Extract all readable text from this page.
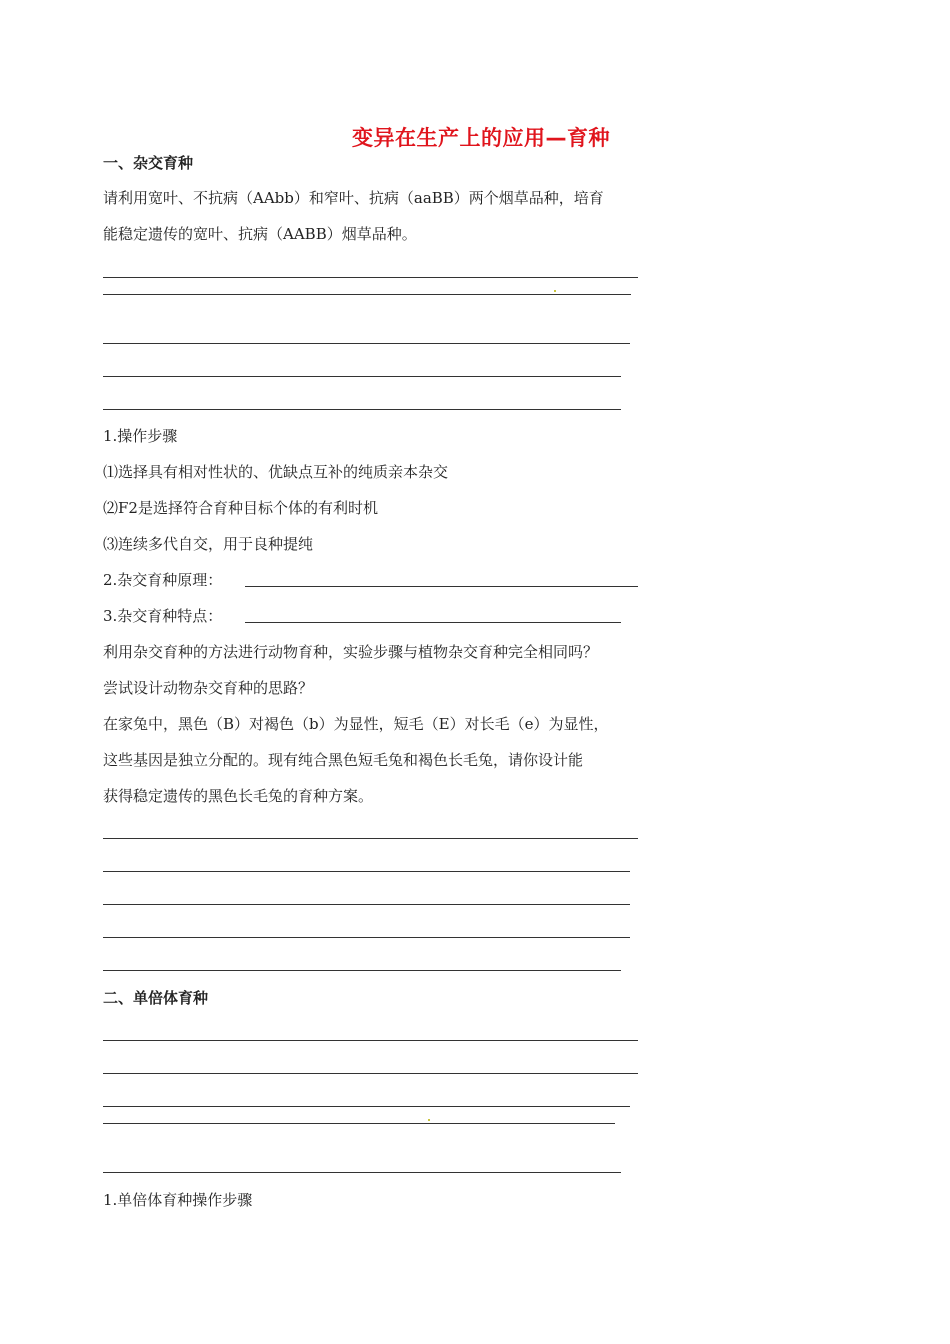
变异在生产上的应用—育种
一、杂交育种
请利用宽叶、不抗病（AAbb）和窄叶、抗病（aaBB）两个烟草品种，培育
能稳定遗传的宽叶、抗病（AABB）烟草品种。
1.操作步骤
⑴选择具有相对性状的、优缺点互补的纯质亲本杂交
⑵F2是选择符合育种目标个体的有利时机
⑶连续多代自交，用于良种提纯
2.杂交育种原理：
3.杂交育种特点：
利用杂交育种的方法进行动物育种，实验步骤与植物杂交育种完全相同吗？
尝试设计动物杂交育种的思路？
在家兔中，黑色（B）对褐色（b）为显性，短毛（E）对长毛（e）为显性，
这些基因是独立分配的。现有纯合黑色短毛兔和褐色长毛兔，请你设计能
获得稳定遗传的黑色长毛兔的育种方案。
二、单倍体育种
1.单倍体育种操作步骤
